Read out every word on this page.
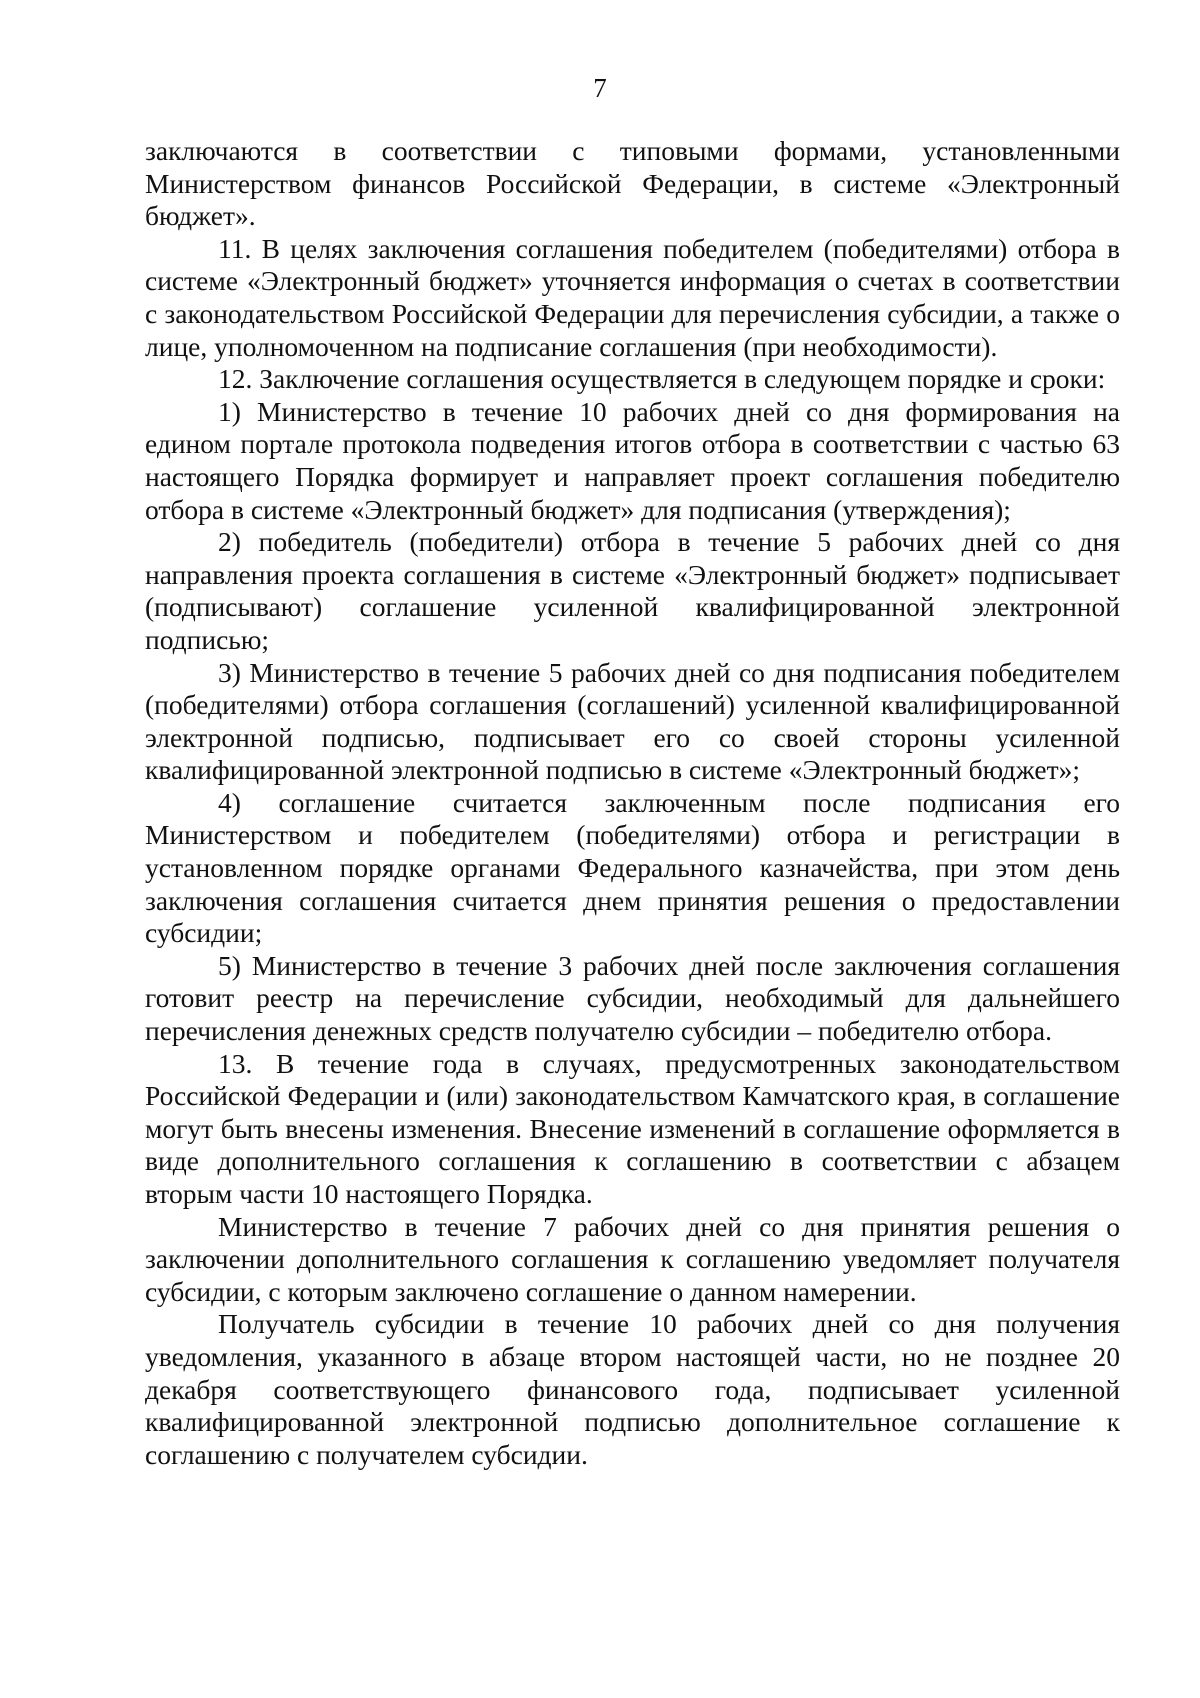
7

заключаются в соответствии с типовыми формами, установленными Министерством финансов Российской Федерации, в системе «Электронный бюджет».

11. В целях заключения соглашения победителем (победителями) отбора в системе «Электронный бюджет» уточняется информация о счетах в соответствии с законодательством Российской Федерации для перечисления субсидии, а также о лице, уполномоченном на подписание соглашения (при необходимости).

12. Заключение соглашения осуществляется в следующем порядке и сроки:

1) Министерство в течение 10 рабочих дней со дня формирования на едином портале протокола подведения итогов отбора в соответствии с частью 63 настоящего Порядка формирует и направляет проект соглашения победителю отбора в системе «Электронный бюджет» для подписания (утверждения);

2) победитель (победители) отбора в течение 5 рабочих дней со дня направления проекта соглашения в системе «Электронный бюджет» подписывает (подписывают) соглашение усиленной квалифицированной электронной подписью;

3) Министерство в течение 5 рабочих дней со дня подписания победителем (победителями) отбора соглашения (соглашений) усиленной квалифицированной электронной подписью, подписывает его со своей стороны усиленной квалифицированной электронной подписью в системе «Электронный бюджет»;

4) соглашение считается заключенным после подписания его Министерством и победителем (победителями) отбора и регистрации в установленном порядке органами Федерального казначейства, при этом день заключения соглашения считается днем принятия решения о предоставлении субсидии;

5) Министерство в течение 3 рабочих дней после заключения соглашения готовит реестр на перечисление субсидии, необходимый для дальнейшего перечисления денежных средств получателю субсидии – победителю отбора.

13. В течение года в случаях, предусмотренных законодательством Российской Федерации и (или) законодательством Камчатского края, в соглашение могут быть внесены изменения. Внесение изменений в соглашение оформляется в виде дополнительного соглашения к соглашению в соответствии с абзацем вторым части 10 настоящего Порядка.

Министерство в течение 7 рабочих дней со дня принятия решения о заключении дополнительного соглашения к соглашению уведомляет получателя субсидии, с которым заключено соглашение о данном намерении.

Получатель субсидии в течение 10 рабочих дней со дня получения уведомления, указанного в абзаце втором настоящей части, но не позднее 20 декабря соответствующего финансового года, подписывает усиленной квалифицированной электронной подписью дополнительное соглашение к соглашению с получателем субсидии.
